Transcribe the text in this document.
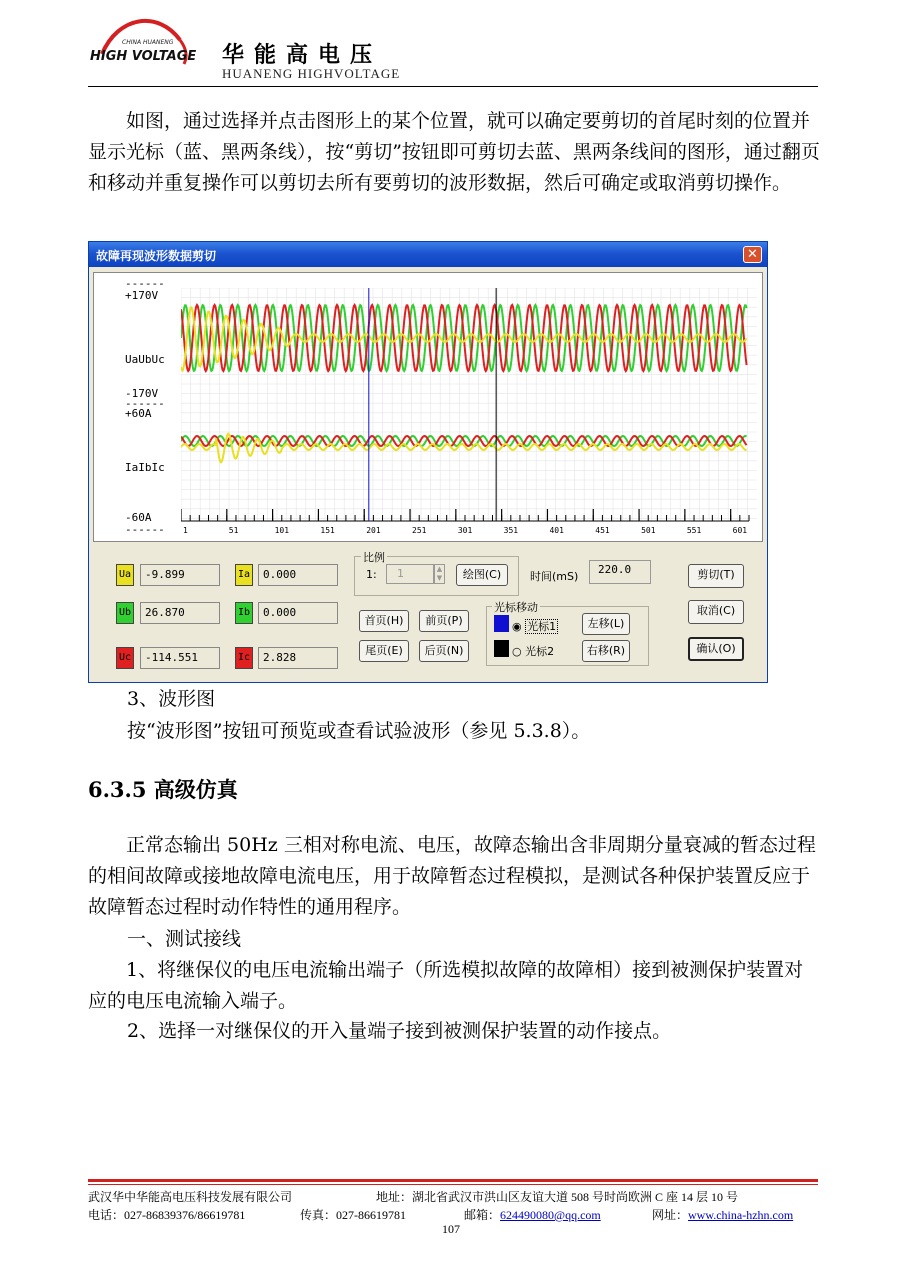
CHINA HUANENG
HIGH VOLTAGE 华能高电压
HUANENG HIGHVOLTAGE
如图，通过选择并点击图形上的某个位置，就可以确定要剪切的首尾时刻的位置并显示光标（蓝、黑两条线），按“剪切”按钮即可剪切去蓝、黑两条线间的图形，通过翻页和移动并重复操作可以剪切去所有要剪切的波形数据，然后可确定或取消剪切操作。
故障再现波形数据剪切	✕
------
+170V
UaUbUc
-170V
------
+60A
IaIbIc
-60A
------ 1	51	101	151	201	251	301	351	401	451	501	551	601
Ua	-9.899
Ub	26.870
Uc	-114.551
Ia	0.000
Ib	0.000
Ic	2.828
比例
1:	1	▲
▼	绘图(C)	时间(mS)
220.0	剪切(T)
取消(C)
确认(O)
首页(H)	前页(P)
尾页(E)	后页(N)
光标移动
◉ 光标1
○ 光标2
左移(L)
右移(R)
3、波形图
按“波形图”按钮可预览或查看试验波形（参见 5.3.8）。
6.3.5 高级仿真
正常态输出 50Hz 三相对称电流、电压，故障态输出含非周期分量衰减的暂态过程的相间故障或接地故障电流电压，用于故障暂态过程模拟，是测试各种保护装置反应于故障暂态过程时动作特性的通用程序。
一、测试接线
1、将继保仪的电压电流输出端子（所选模拟故障的故障相）接到被测保护装置对应的电压电流输入端子。
2、选择一对继保仪的开入量端子接到被测保护装置的动作接点。
武汉华中华能高电压科技发展有限公司	地址：湖北省武汉市洪山区友谊大道 508 号时尚欧洲 C 座 14 层 10 号
电话：027-86839376/86619781	传真：027-86619781	邮箱：624490080@qq.com	网址：www.china-hzhn.com
107
